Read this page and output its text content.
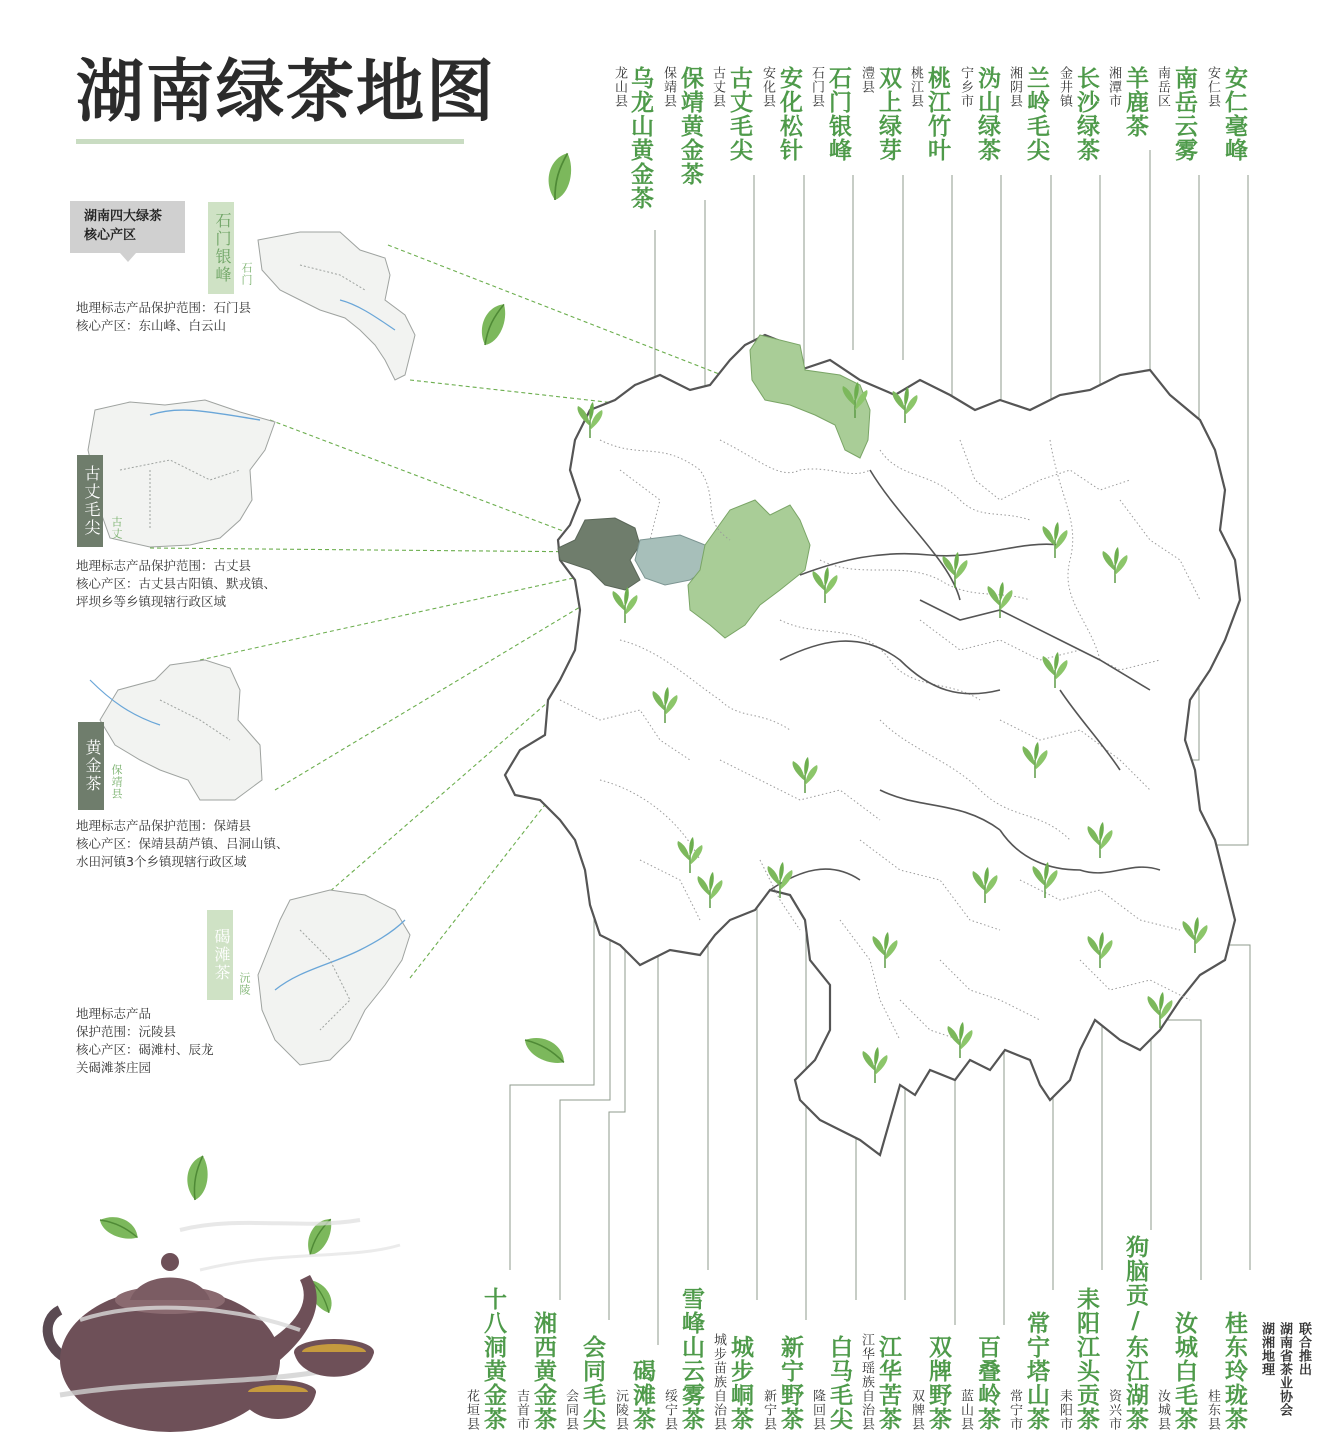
湖南绿茶地图
湖南四大绿茶
核心产区	石门银峰 石门
地理标志产品保护范围：石门县
核心产区：东山峰、白云山
古丈毛尖 古丈
地理标志产品保护范围：古丈县
核心产区：古丈县古阳镇、默戎镇、
坪坝乡等乡镇现辖行政区域
黄金茶 保靖县
地理标志产品保护范围：保靖县
核心产区：保靖县葫芦镇、吕洞山镇、
水田河镇3个乡镇现辖行政区域
碣滩茶
沅陵
地理标志产品
保护范围：沅陵县
核心产区：碣滩村、辰龙
关碣滩茶庄园
龙山县 乌龙山黄金茶 保靖县 保靖黄金茶 古丈县 古丈毛尖 安化县 安化松针 石门县 石门银峰 澧县 双上绿芽 桃江县 桃江竹叶 宁乡市 沩山绿茶 湘阴县 兰岭毛尖 金井镇 长沙绿茶 湘潭市 羊鹿茶 南岳区 南岳云雾 安仁县 安仁毫峰
花垣县 十八洞黄金茶 吉首市 湘西黄金茶 会同县 会同毛尖 沅陵县 碣滩茶 绥宁县 雪峰山云雾茶 城步苗族自治县 城步峒茶 新宁县 新宁野茶 隆回县 白马毛尖 江华瑶族自治县 江华苦茶 双牌县 双牌野茶 蓝山县 百叠岭茶 常宁市 常宁塔山茶 耒阳市 耒阳江头贡茶 资兴市 狗脑贡/东江湖茶 汝城县 汝城白毛茶 桂东县 桂东玲珑茶 湖湘地理 湖南省茶业协会 联合推出
